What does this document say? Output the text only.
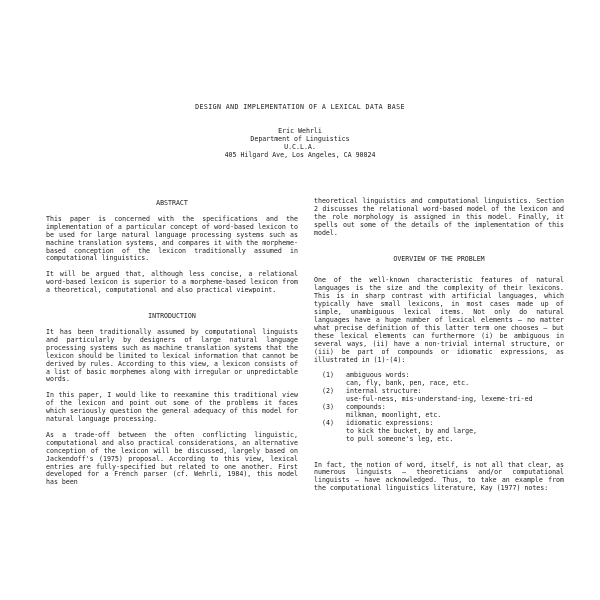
DESIGN AND IMPLEMENTATION OF A LEXICAL DATA BASE
Eric Wehrli
Department of Linguistics
U.C.L.A.
405 Hilgard Ave, Los Angeles, CA 90024
ABSTRACT

This paper is concerned with the specifications and the implementation of a particular concept of word-based lexicon to be used for large natural language processing systems such as machine translation systems, and compares it with the morpheme-based conception of the lexicon traditionally assumed in computational linguistics.

It will be argued that, although less concise, a relational word-based lexicon is superior to a morpheme-based lexicon from a theoretical, computational and also practical viewpoint.

INTRODUCTION

It has been traditionally assumed by computational linguists and particularly by designers of large natural language processing systems such as machine translation systems that the lexicon should be limited to lexical information that cannot be derived by rules. According to this view, a lexicon consists of a list of basic morphemes along with irregular or unpredictable words.

In this paper, I would like to reexamine this traditional view of the lexicon and point out some of the problems it faces which seriously question the general adequacy of this model for natural language processing.

As a trade-off between the often conflicting linguistic, computational and also practical considerations, an alternative conception of the lexicon will be discussed, largely based on Jackendoff's (1975) proposal. According to this view, lexical entries are fully-specified but related to one another. First developed for a French parser (cf. Wehrli, 1984), this model has been

theoretical linguistics and computational linguistics. Section 2 discusses the relational word-based model of the lexicon and the role morphology is assigned in this model. Finally, it spells out some of the details of the implementation of this model.

OVERVIEW OF THE PROBLEM

One of the well-known characteristic features of natural languages is the size and the complexity of their lexicons. This is in sharp contrast with artificial languages, which typically have small lexicons, in most cases made up of simple, unambiguous lexical items. Not only do natural languages have a huge number of lexical elements — no matter what precise definition of this latter term one chooses — but these lexical elements can furthermore (i) be ambiguous in several ways, (ii) have a non-trivial internal structure, or (iii) be part of compounds or idiomatic expressions, as illustrated in (1)-(4):

(1) ambiguous words:
can, fly, bank, pen, race, etc.
(2) internal structure:
use-ful-ness, mis-understand-ing, lexeme-tri-ed
(3) compounds:
milkman, moonlight, etc.
(4) idiomatic expressions:
to kick the bucket, by and large,
to pull someone's leg, etc.

In fact, the notion of word, itself, is not all that clear, as numerous linguists — theoreticians and/or computational linguists — have acknowledged. Thus, to take an example from the computational linguistics literature, Kay (1977) notes:
